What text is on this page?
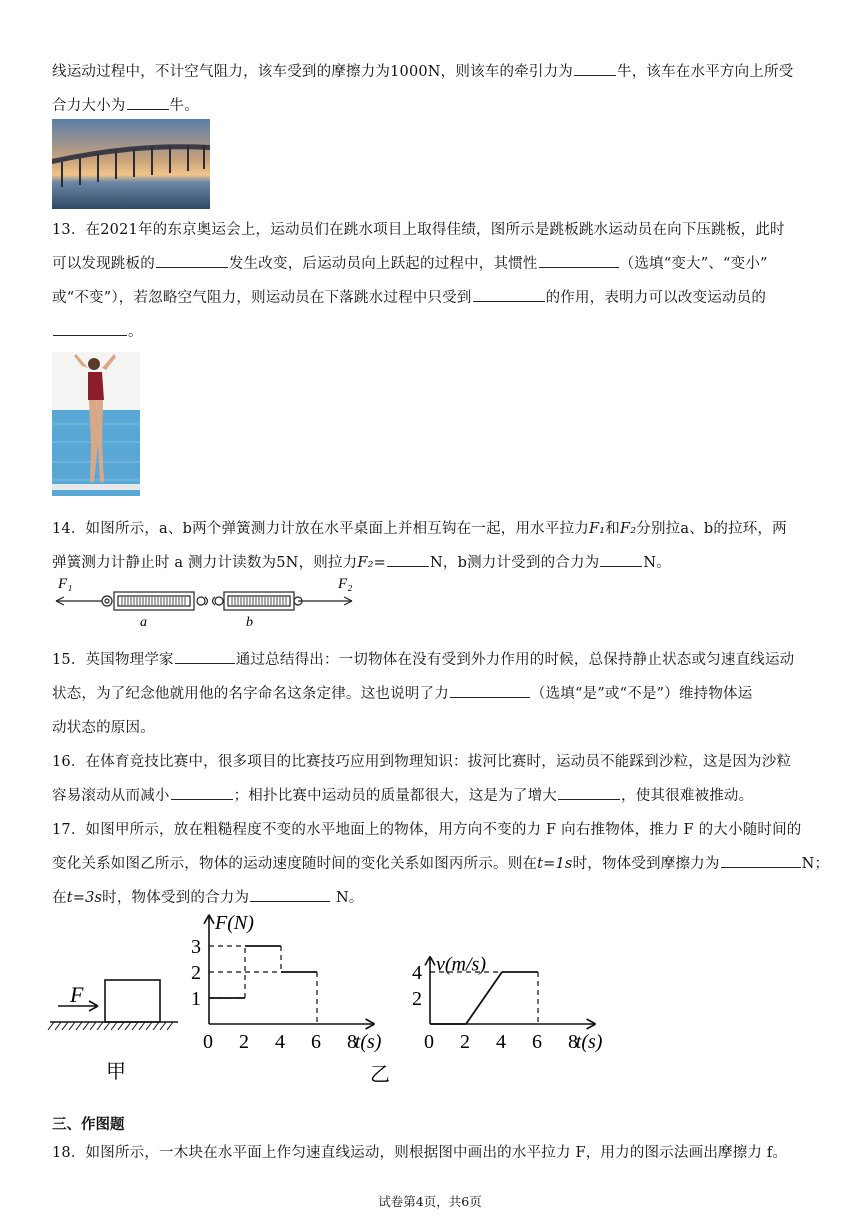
线运动过程中，不计空气阻力，该车受到的摩擦力为1000N，则该车的牵引力为	牛，该车在水平方向上所受
合力大小为	牛。
13．在2021年的东京奥运会上，运动员们在跳水项目上取得佳绩，图所示是跳板跳水运动员在向下压跳板，此时
可以发现跳板的	发生改变，后运动员向上跃起的过程中，其惯性	（选填“变大”、“变小”
或“不变”），若忽略空气阻力，则运动员在下落跳水过程中只受到	的作用，表明力可以改变运动员的
。
14．如图所示，a、b两个弹簧测力计放在水平桌面上并相互钩在一起，用水平拉力F₁和F₂分别拉a、b的拉环，两
弹簧测力计静止时 a 测力计读数为5N，则拉力F₂=	N，b测力计受到的合力为	N。
F₁	F₂
a	b
15．英国物理学家	通过总结得出：一切物体在没有受到外力作用的时候，总保持静止状态或匀速直线运动
状态，为了纪念他就用他的名字命名这条定律。这也说明了力	（选填“是”或“不是”）维持物体运
动状态的原因。
16．在体育竞技比赛中，很多项目的比赛技巧应用到物理知识：拔河比赛时，运动员不能踩到沙粒，这是因为沙粒
容易滚动从而减小	；相扑比赛中运动员的质量都很大，这是为了增大	，使其很难被推动。
17．如图甲所示，放在粗糙程度不变的水平地面上的物体，用方向不变的力 F 向右推物体，推力 F 的大小随时间的
变化关系如图乙所示，物体的运动速度随时间的变化关系如图丙所示。则在t=1s时，物体受到摩擦力为	N；
在t=3s时，物体受到的合力为	N。
F
甲
0 2 4 6 8
1
2
3
F(N)
t(s) 0 2 4 6 8
2
4 v(m/s)
t(s)
乙
三、作图题
18．如图所示，一木块在水平面上作匀速直线运动，则根据图中画出的水平拉力 F，用力的图示法画出摩擦力 f。
试卷第4页，共6页
